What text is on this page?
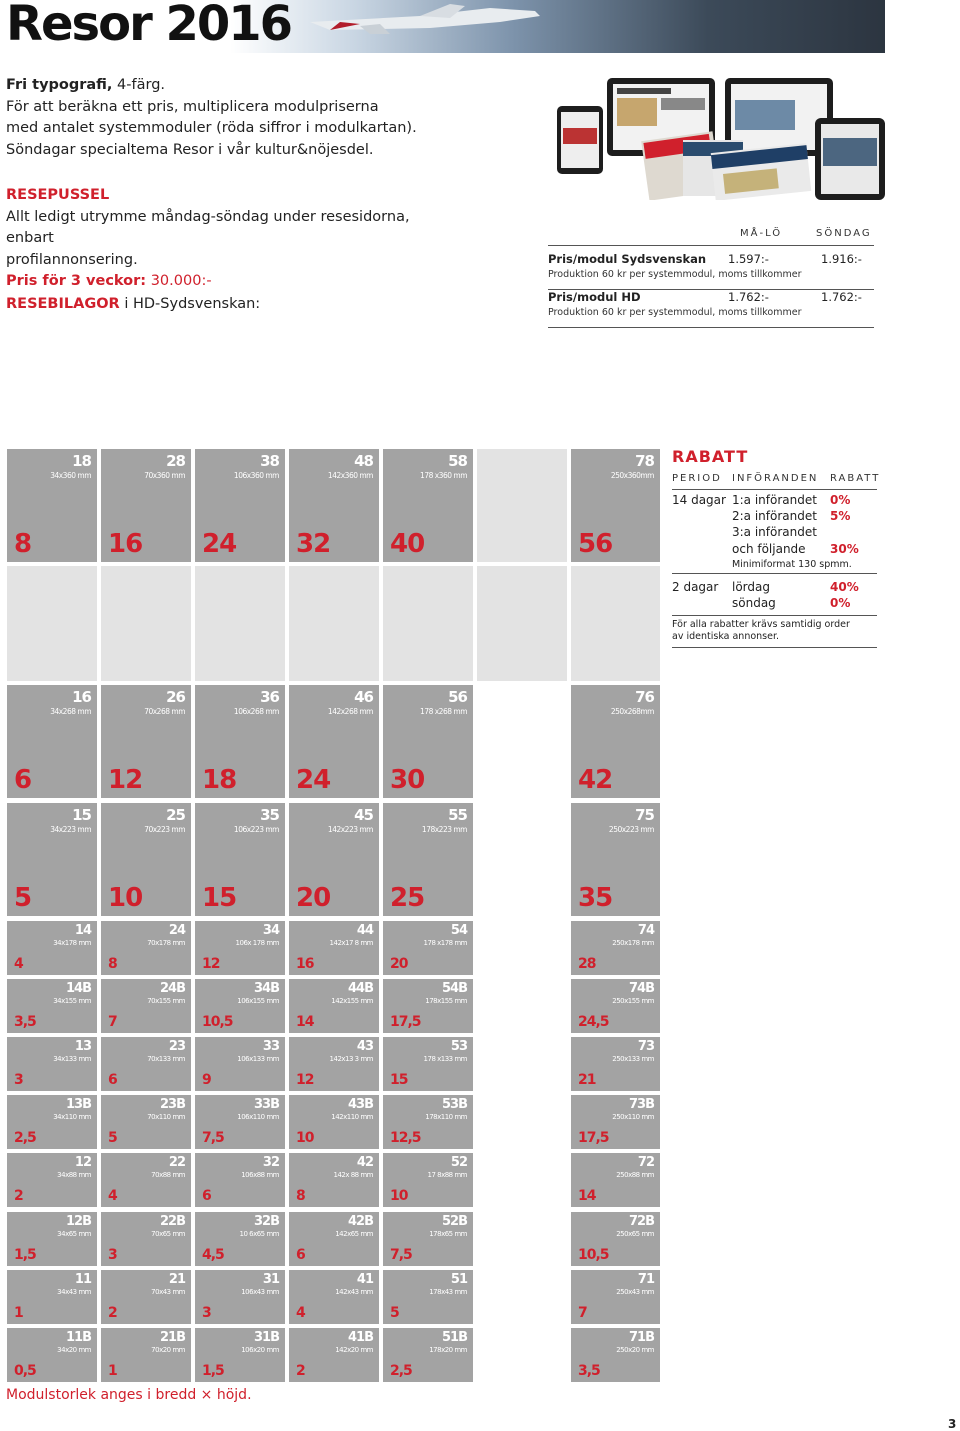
Resor 2016
Fri typografi, 4-färg.
För att beräkna ett pris, multiplicera modulpriserna
med antalet systemmoduler (röda siffror i modulkartan).
Söndagar specialtema Resor i vår kultur&nöjesdel.
RESEPUSSEL
Allt ledigt utrymme måndag-söndag under resesidorna, enbart
profilannonsering.
Pris för 3 veckor: 30.000:-
RESEBILAGOR i HD-Sydsvenskan:
MÅ-LÖ	SÖNDAG
Pris/modul Sydsvenskan 1.597:-	1.916:-
Produktion 60 kr per systemmodul, moms tillkommer
Pris/modul HD	1.762:-	1.762:-
Produktion 60 kr per systemmodul, moms tillkommer
18
34x360 mm
8
28
70x360 mm
16
38
106x360 mm
24
48
142x360 mm
32
58
178 x360 mm
40
78
250x360mm
56
16
34x268 mm
6
26
70x268 mm
12
36
106x268 mm
18
46
142x268 mm
24
56
178 x268 mm
30
76
250x268mm
42
15
34x223 mm
5
25
70x223 mm
10
35
106x223 mm
15
45
142x223 mm
20
55
178x223 mm
25
75
250x223 mm
35
14
34x178 mm
4
24
70x178 mm
8
34
106x 178 mm
12
44
142x17 8 mm
16
54
178 x178 mm
20
74
250x178 mm
28
14B
34x155 mm
3,5
24B
70x155 mm
7
34B
106x155 mm
10,5
44B
142x155 mm
14
54B
178x155 mm
17,5
74B
250x155 mm
24,5
13
34x133 mm
3
23
70x133 mm
6
33
106x133 mm
9
43
142x13 3 mm
12
53
178 x133 mm
15
73
250x133 mm
21
13B
34x110 mm
2,5
23B
70x110 mm
5
33B
106x110 mm
7,5
43B
142x110 mm
10
53B
178x110 mm
12,5
73B
250x110 mm
17,5
12
34x88 mm
2
22
70x88 mm
4
32
106x88 mm
6
42
142x 88 mm
8
52
17 8x88 mm
10
72
250x88 mm
14
12B
34x65 mm
1,5
22B
70x65 mm
3
32B
10 6x65 mm
4,5
42B
142x65 mm
6
52B
178x65 mm
7,5
72B
250x65 mm
10,5
11
34x43 mm
1
21
70x43 mm
2
31
106x43 mm
3
41
142x43 mm
4
51
178x43 mm
5
71
250x43 mm
7
11B
34x20 mm
0,5
21B
70x20 mm
1
31B
106x20 mm
1,5
41B
142x20 mm
2
51B
178x20 mm
2,5
71B
250x20 mm
3,5
RABATT
PERIOD INFÖRANDEN RABATT
14 dagar 1:a införandet 0%
2:a införandet 5%
3:a införandet
och följande 30%
Minimiformat 130 spmm.
2 dagar lördag	40%
söndag	0%
För alla rabatter krävs samtidig order
av identiska annonser.
Modulstorlek anges i bredd × höjd.
3
